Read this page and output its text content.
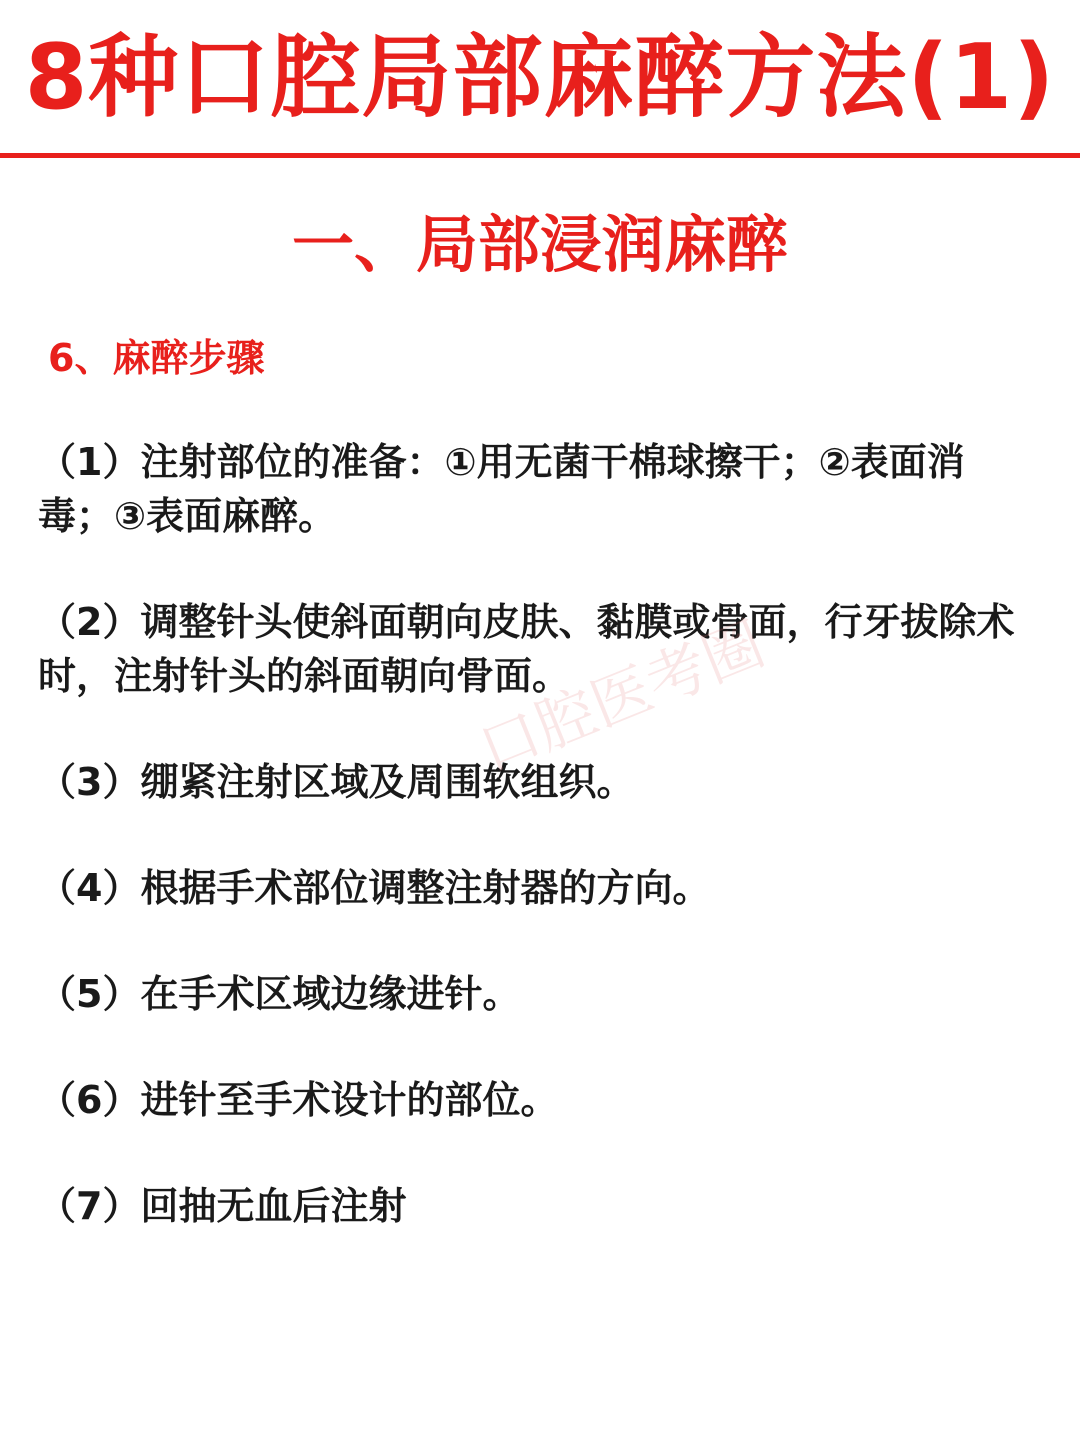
8种口腔局部麻醉方法(1)
一、局部浸润麻醉
6、麻醉步骤
（1）注射部位的准备：①用无菌干棉球擦干；②表面消毒；③表面麻醉。
（2）调整针头使斜面朝向皮肤、黏膜或骨面，行牙拔除术时，注射针头的斜面朝向骨面。
（3）绷紧注射区域及周围软组织。
（4）根据手术部位调整注射器的方向。
（5）在手术区域边缘进针。
（6）进针至手术设计的部位。
（7）回抽无血后注射
口腔医考圈
